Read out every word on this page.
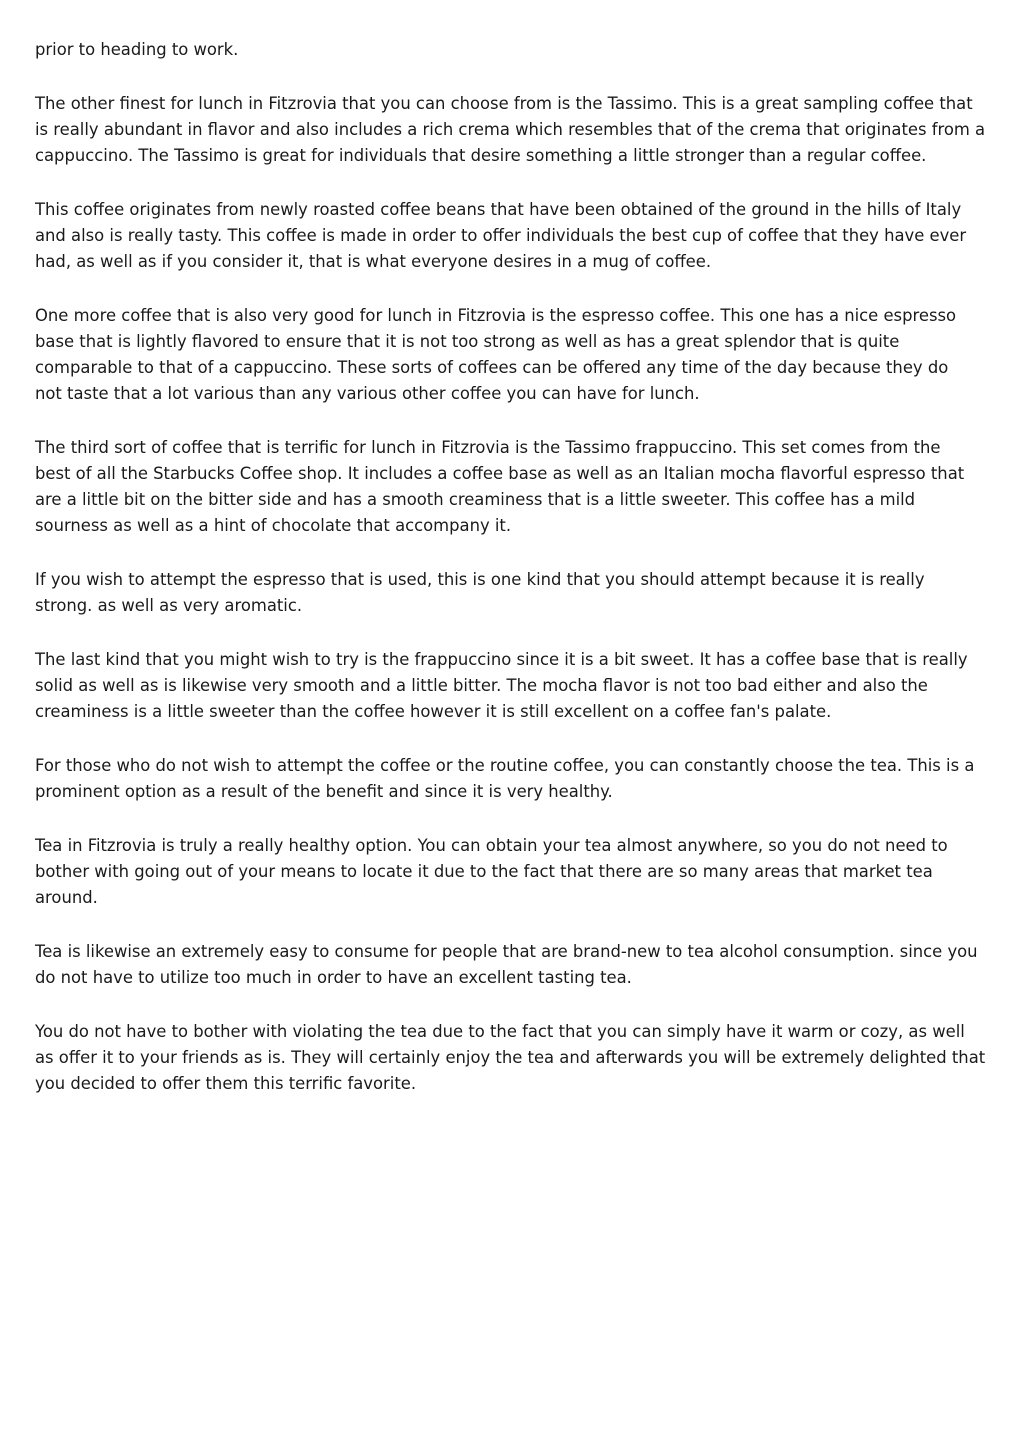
prior to heading to work.
The other finest for lunch in Fitzrovia that you can choose from is the Tassimo. This is a great sampling coffee that
is really abundant in flavor and also includes a rich crema which resembles that of the crema that originates from a
cappuccino. The Tassimo is great for individuals that desire something a little stronger than a regular coffee.
This coffee originates from newly roasted coffee beans that have been obtained of the ground in the hills of Italy
and also is really tasty. This coffee is made in order to offer individuals the best cup of coffee that they have ever
had, as well as if you consider it, that is what everyone desires in a mug of coffee.
One more coffee that is also very good for lunch in Fitzrovia is the espresso coffee. This one has a nice espresso
base that is lightly flavored to ensure that it is not too strong as well as has a great splendor that is quite
comparable to that of a cappuccino. These sorts of coffees can be offered any time of the day because they do
not taste that a lot various than any various other coffee you can have for lunch.
The third sort of coffee that is terrific for lunch in Fitzrovia is the Tassimo frappuccino. This set comes from the
best of all the Starbucks Coffee shop. It includes a coffee base as well as an Italian mocha flavorful espresso that
are a little bit on the bitter side and has a smooth creaminess that is a little sweeter. This coffee has a mild
sourness as well as a hint of chocolate that accompany it.
If you wish to attempt the espresso that is used, this is one kind that you should attempt because it is really
strong. as well as very aromatic.
The last kind that you might wish to try is the frappuccino since it is a bit sweet. It has a coffee base that is really
solid as well as is likewise very smooth and a little bitter. The mocha flavor is not too bad either and also the
creaminess is a little sweeter than the coffee however it is still excellent on a coffee fan's palate.
For those who do not wish to attempt the coffee or the routine coffee, you can constantly choose the tea. This is a
prominent option as a result of the benefit and since it is very healthy.
Tea in Fitzrovia is truly a really healthy option. You can obtain your tea almost anywhere, so you do not need to
bother with going out of your means to locate it due to the fact that there are so many areas that market tea
around.
Tea is likewise an extremely easy to consume for people that are brand-new to tea alcohol consumption. since you
do not have to utilize too much in order to have an excellent tasting tea.
You do not have to bother with violating the tea due to the fact that you can simply have it warm or cozy, as well
as offer it to your friends as is. They will certainly enjoy the tea and afterwards you will be extremely delighted that
you decided to offer them this terrific favorite.
